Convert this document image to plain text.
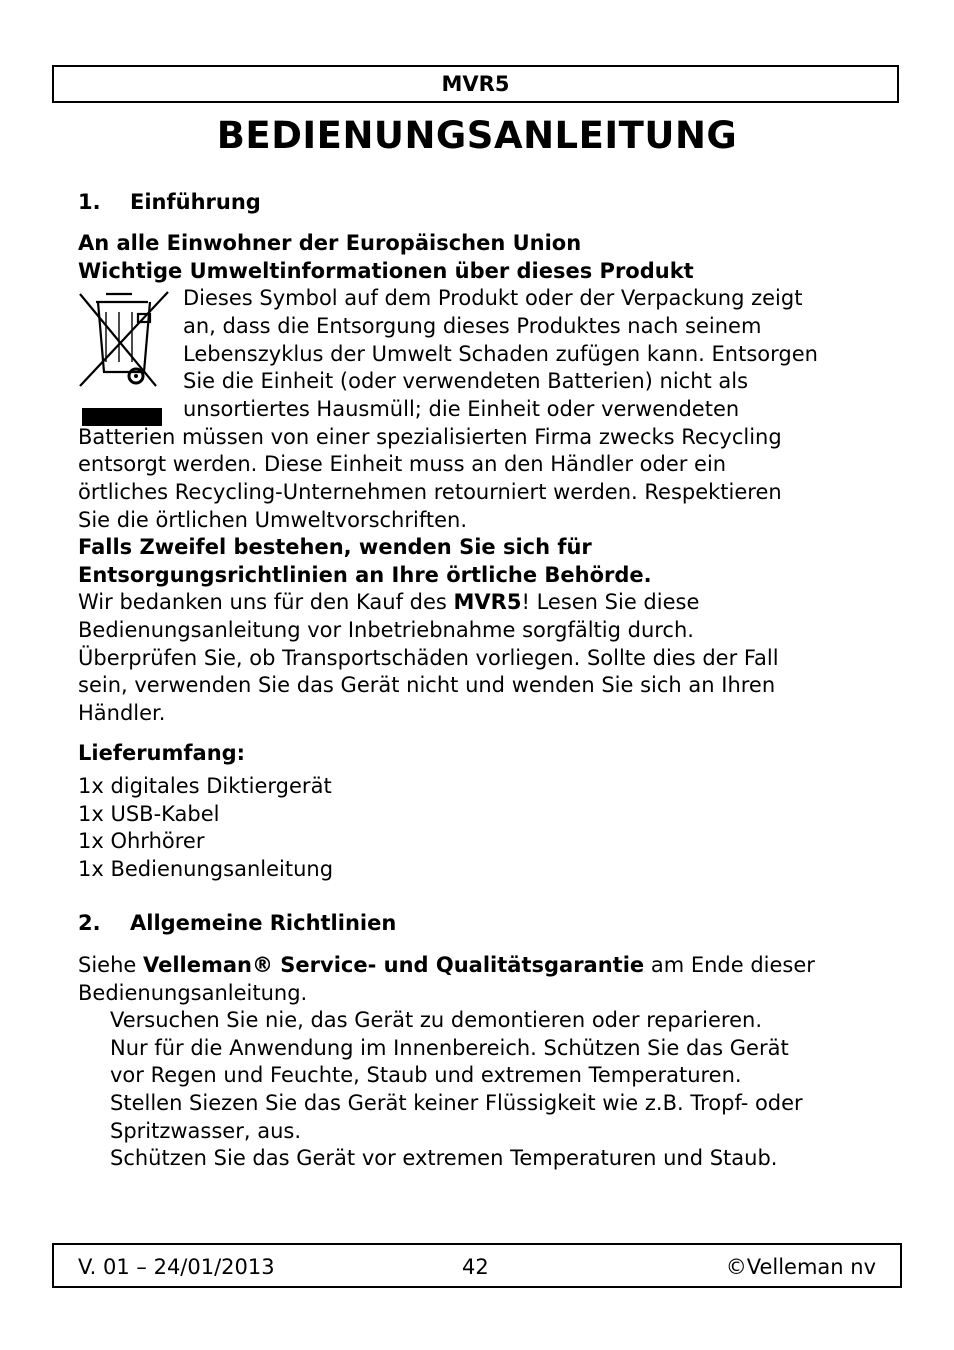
MVR5
BEDIENUNGSANLEITUNG
1. Einführung
An alle Einwohner der Europäischen Union
Wichtige Umweltinformationen über dieses Produkt
Dieses Symbol auf dem Produkt oder der Verpackung zeigt
an, dass die Entsorgung dieses Produktes nach seinem
Lebenszyklus der Umwelt Schaden zufügen kann. Entsorgen
Sie die Einheit (oder verwendeten Batterien) nicht als
unsortiertes Hausmüll; die Einheit oder verwendeten
Batterien müssen von einer spezialisierten Firma zwecks Recycling
entsorgt werden. Diese Einheit muss an den Händler oder ein
örtliches Recycling-Unternehmen retourniert werden. Respektieren
Sie die örtlichen Umweltvorschriften.
Falls Zweifel bestehen, wenden Sie sich für
Entsorgungsrichtlinien an Ihre örtliche Behörde.
Wir bedanken uns für den Kauf des MVR5! Lesen Sie diese
Bedienungsanleitung vor Inbetriebnahme sorgfältig durch.
Überprüfen Sie, ob Transportschäden vorliegen. Sollte dies der Fall
sein, verwenden Sie das Gerät nicht und wenden Sie sich an Ihren
Händler.
Lieferumfang:
1x digitales Diktiergerät
1x USB-Kabel
1x Ohrhörer
1x Bedienungsanleitung
2. Allgemeine Richtlinien
Siehe Velleman® Service- und Qualitätsgarantie am Ende dieser
Bedienungsanleitung.
Versuchen Sie nie, das Gerät zu demontieren oder reparieren.
Nur für die Anwendung im Innenbereich. Schützen Sie das Gerät
vor Regen und Feuchte, Staub und extremen Temperaturen.
Stellen Siezen Sie das Gerät keiner Flüssigkeit wie z.B. Tropf- oder
Spritzwasser, aus.
Schützen Sie das Gerät vor extremen Temperaturen und Staub.
V. 01 – 24/01/2013	42	©Velleman nv
